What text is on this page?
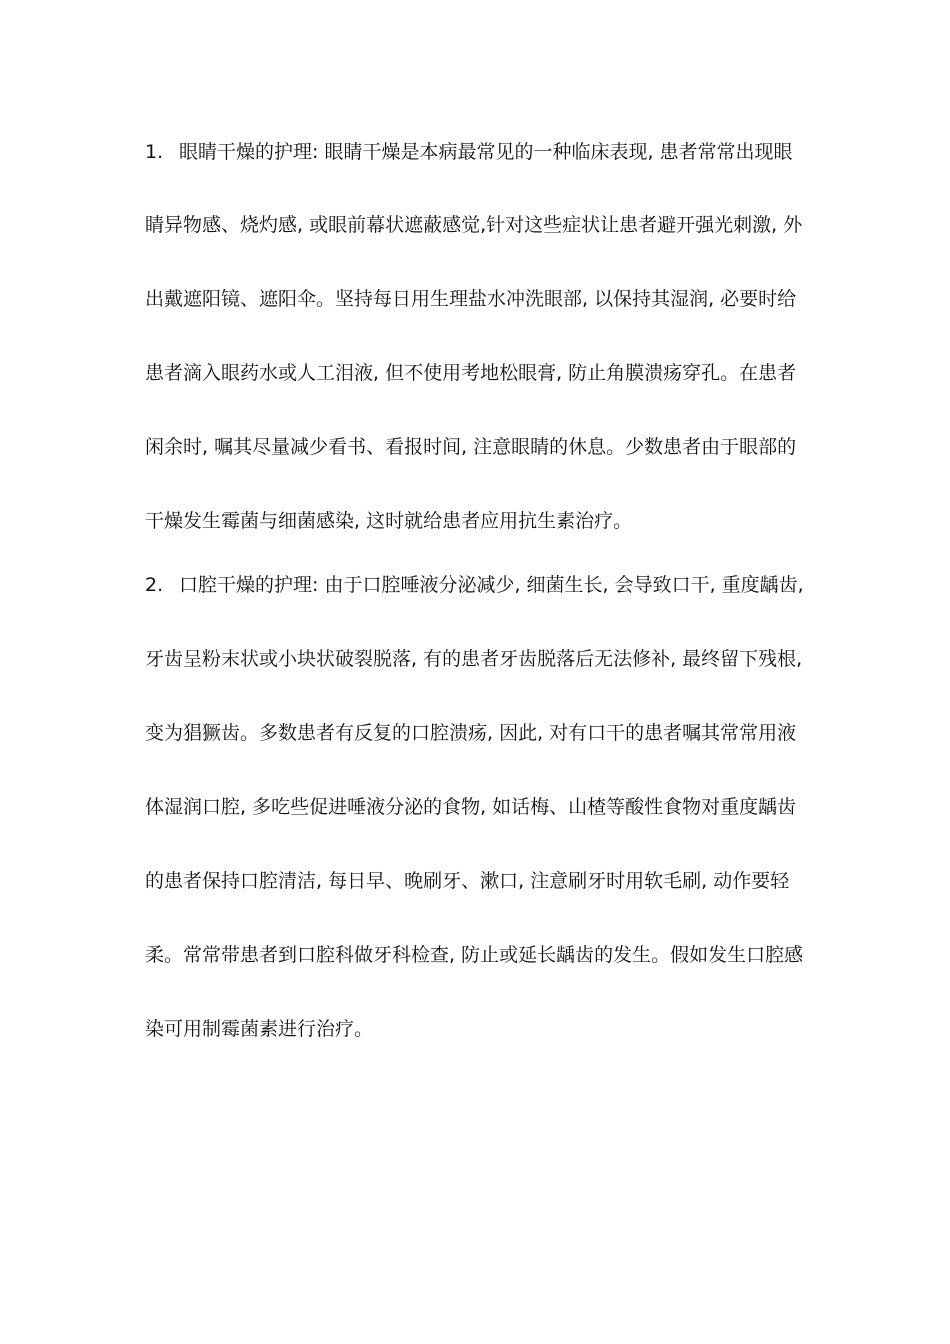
1. 眼睛干燥的护理: 眼睛干燥是本病最常见的一种临床表现, 患者常常出现眼
睛异物感、烧灼感, 或眼前幕状遮蔽感觉,针对这些症状让患者避开强光刺激, 外
出戴遮阳镜、遮阳伞。坚持每日用生理盐水冲洗眼部, 以保持其湿润, 必要时给
患者滴入眼药水或人工泪液, 但不使用考地松眼膏, 防止角膜溃疡穿孔。在患者
闲余时, 嘱其尽量减少看书、看报时间, 注意眼睛的休息。少数患者由于眼部的
干燥发生霉菌与细菌感染, 这时就给患者应用抗生素治疗。
2. 口腔干燥的护理: 由于口腔唾液分泌减少, 细菌生长, 会导致口干, 重度龋齿,
牙齿呈粉末状或小块状破裂脱落, 有的患者牙齿脱落后无法修补, 最终留下残根,
变为猖獗齿。多数患者有反复的口腔溃疡, 因此, 对有口干的患者嘱其常常用液
体湿润口腔, 多吃些促进唾液分泌的食物, 如话梅、山楂等酸性食物对重度龋齿
的患者保持口腔清洁, 每日早、晚刷牙、漱口, 注意刷牙时用软毛刷, 动作要轻
柔。常常带患者到口腔科做牙科检查, 防止或延长龋齿的发生。假如发生口腔感
染可用制霉菌素进行治疗。
